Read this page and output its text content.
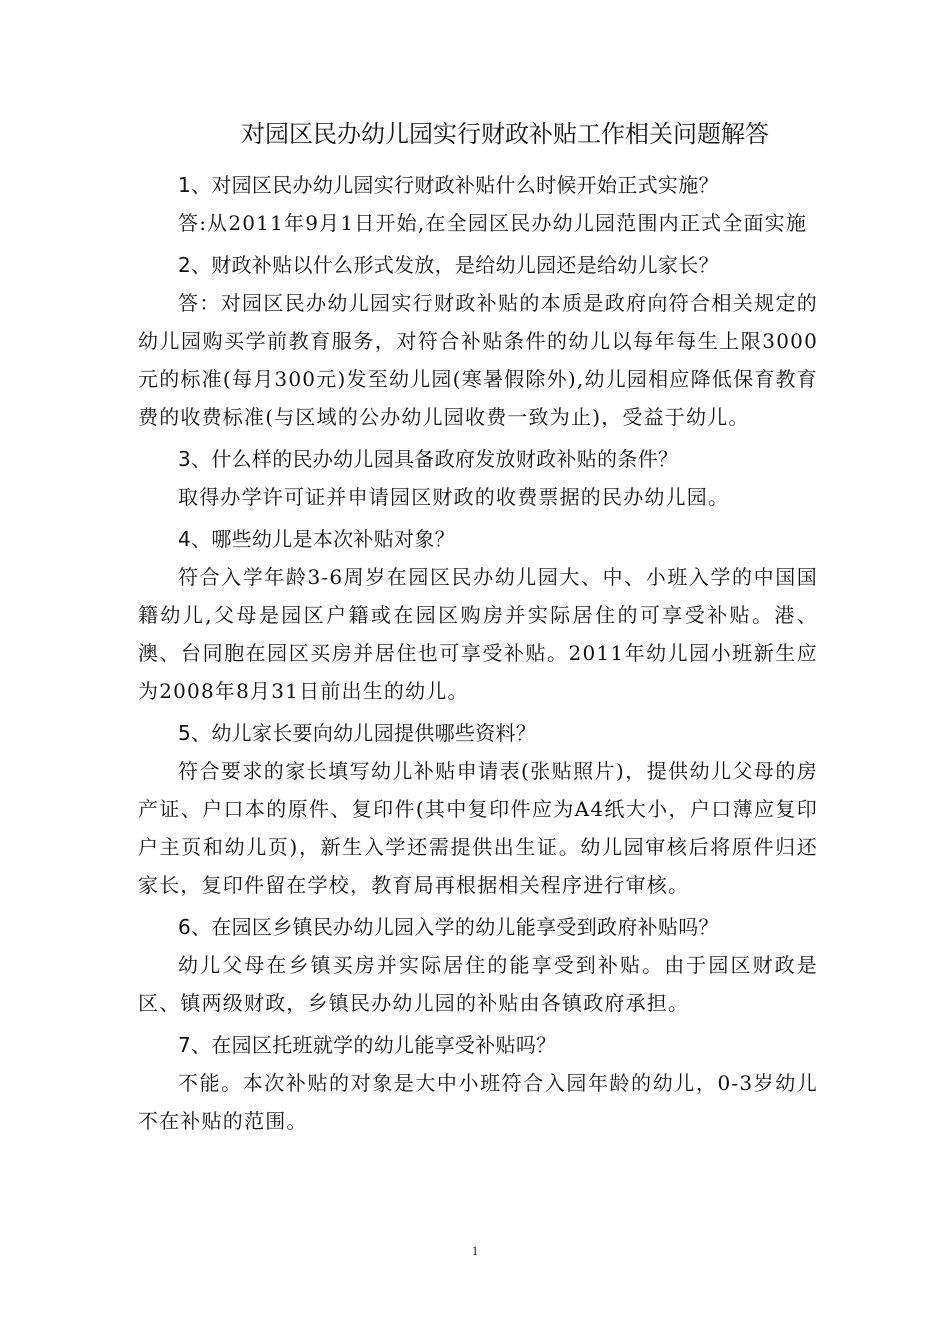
对园区民办幼儿园实行财政补贴工作相关问题解答

1、对园区民办幼儿园实行财政补贴什么时候开始正式实施？

答:从2011年9月1日开始,在全园区民办幼儿园范围内正式全面实施

2、财政补贴以什么形式发放，是给幼儿园还是给幼儿家长？

答：对园区民办幼儿园实行财政补贴的本质是政府向符合相关规定的幼儿园购买学前教育服务，对符合补贴条件的幼儿以每年每生上限3000元的标准(每月300元)发至幼儿园(寒暑假除外),幼儿园相应降低保育教育费的收费标准(与区域的公办幼儿园收费一致为止)，受益于幼儿。

3、什么样的民办幼儿园具备政府发放财政补贴的条件？

取得办学许可证并申请园区财政的收费票据的民办幼儿园。

4、哪些幼儿是本次补贴对象？

符合入学年龄3-6周岁在园区民办幼儿园大、中、小班入学的中国国籍幼儿,父母是园区户籍或在园区购房并实际居住的可享受补贴。港、澳、台同胞在园区买房并居住也可享受补贴。2011年幼儿园小班新生应为2008年8月31日前出生的幼儿。

5、幼儿家长要向幼儿园提供哪些资料？

符合要求的家长填写幼儿补贴申请表(张贴照片)，提供幼儿父母的房产证、户口本的原件、复印件(其中复印件应为A4纸大小，户口薄应复印户主页和幼儿页)，新生入学还需提供出生证。幼儿园审核后将原件归还家长，复印件留在学校，教育局再根据相关程序进行审核。

6、在园区乡镇民办幼儿园入学的幼儿能享受到政府补贴吗？

幼儿父母在乡镇买房并实际居住的能享受到补贴。由于园区财政是区、镇两级财政，乡镇民办幼儿园的补贴由各镇政府承担。

7、在园区托班就学的幼儿能享受补贴吗？

不能。本次补贴的对象是大中小班符合入园年龄的幼儿，0-3岁幼儿不在补贴的范围。

1
